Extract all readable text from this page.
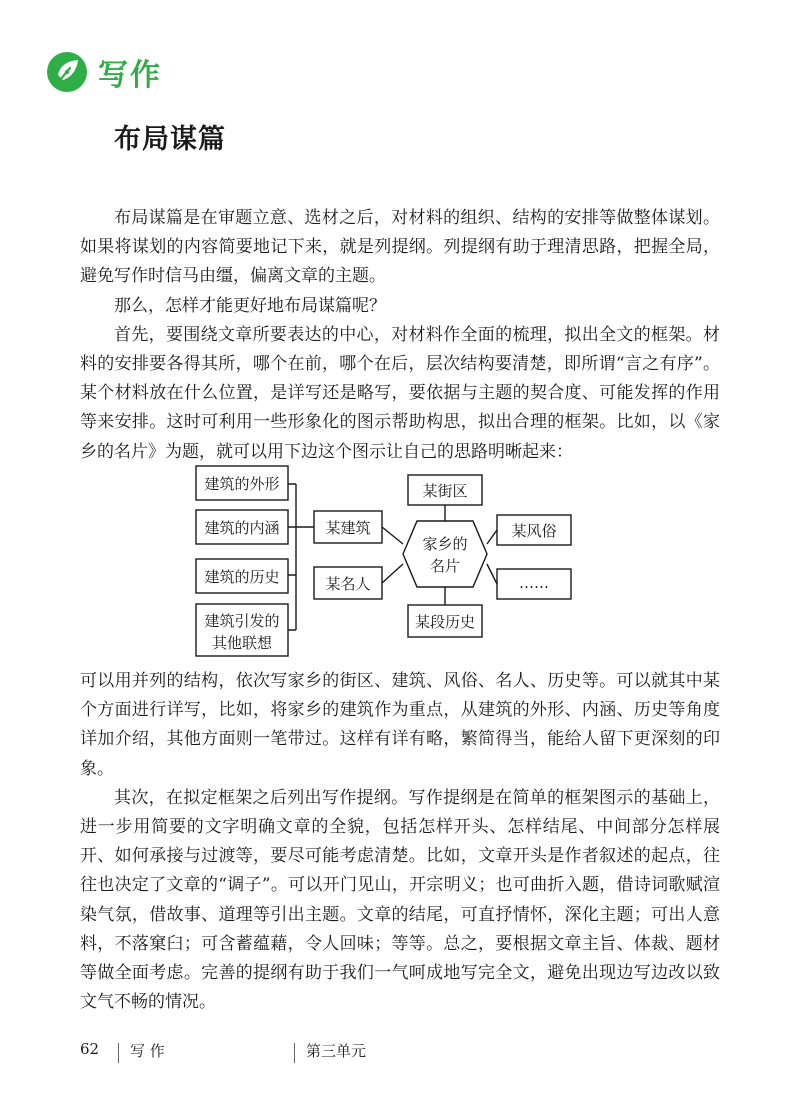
写作
布局谋篇

布局谋篇是在审题立意、选材之后，对材料的组织、结构的安排等做整体谋划。如果将谋划的内容简要地记下来，就是列提纲。列提纲有助于理清思路，把握全局，避免写作时信马由缰，偏离文章的主题。

那么，怎样才能更好地布局谋篇呢？

首先，要围绕文章所要表达的中心，对材料作全面的梳理，拟出全文的框架。材料的安排要各得其所，哪个在前，哪个在后，层次结构要清楚，即所谓“言之有序”。某个材料放在什么位置，是详写还是略写，要依据与主题的契合度、可能发挥的作用等来安排。这时可利用一些形象化的图示帮助构思，拟出合理的框架。比如，以《家乡的名片》为题，就可以用下边这个图示让自己的思路明晰起来：

建筑的外形
建筑的内涵
建筑的历史
建筑引发的
其他联想
某建筑
某名人
某街区
某段历史
某风俗
……
家乡的
名片

可以用并列的结构，依次写家乡的街区、建筑、风俗、名人、历史等。可以就其中某个方面进行详写，比如，将家乡的建筑作为重点，从建筑的外形、内涵、历史等角度详加介绍，其他方面则一笔带过。这样有详有略，繁简得当，能给人留下更深刻的印象。

其次，在拟定框架之后列出写作提纲。写作提纲是在简单的框架图示的基础上，进一步用简要的文字明确文章的全貌，包括怎样开头、怎样结尾、中间部分怎样展开、如何承接与过渡等，要尽可能考虑清楚。比如，文章开头是作者叙述的起点，往往也决定了文章的“调子”。可以开门见山，开宗明义；也可曲折入题，借诗词歌赋渲染气氛，借故事、道理等引出主题。文章的结尾，可直抒情怀，深化主题；可出人意料，不落窠臼；可含蓄蕴藉，令人回味；等等。总之，要根据文章主旨、体裁、题材等做全面考虑。完善的提纲有助于我们一气呵成地写完全文，避免出现边写边改以致文气不畅的情况。

62 写 作	第三单元
